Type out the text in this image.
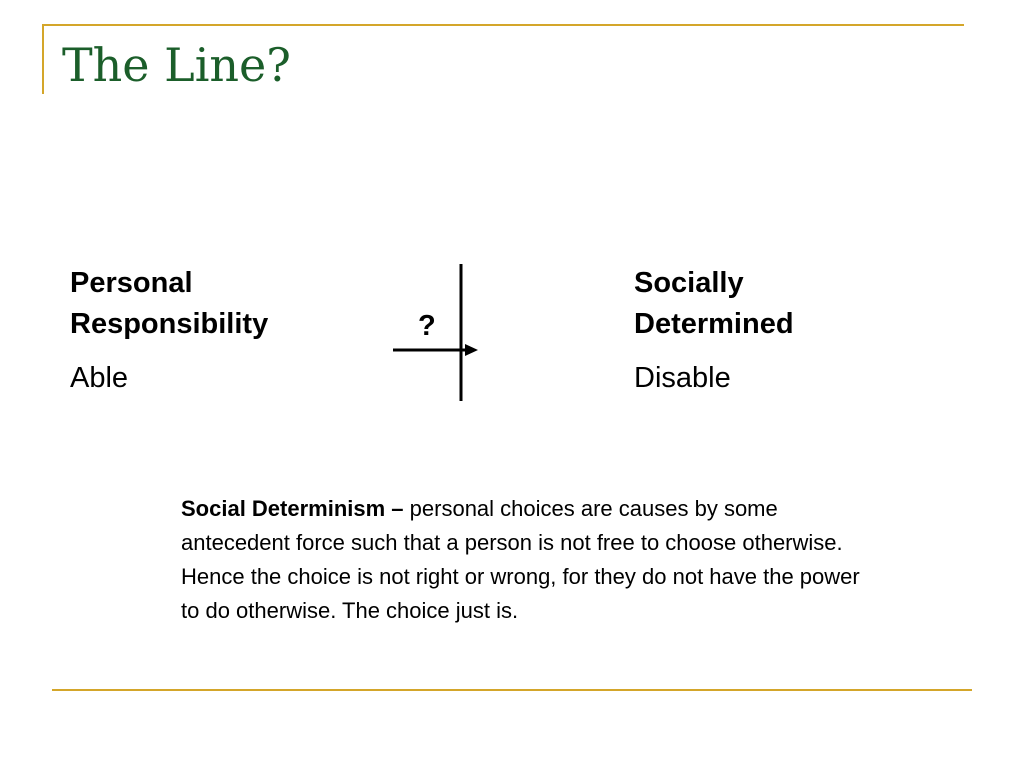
The Line?
Personal
Responsibility
Able
Socially
Determined
Disable
?
Social Determinism – personal choices are causes by some antecedent force such that a person is not free to choose otherwise. Hence the choice is not right or wrong, for they do not have the power to do otherwise. The choice just is.
